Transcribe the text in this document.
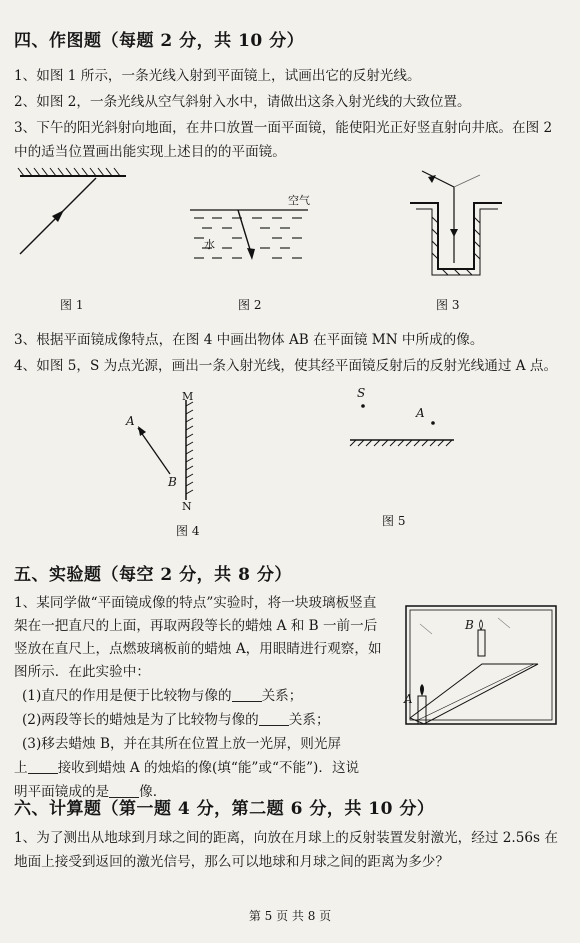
四、作图题（每题 2 分，共 10 分）
1、如图 1 所示，一条光线入射到平面镜上，试画出它的反射光线。
2、如图 2，一条光线从空气斜射入水中，请做出这条入射光线的大致位置。
3、下午的阳光斜射向地面，在井口放置一面平面镜，能使阳光正好竖直射向井底。在图 2 中的适当位置画出能实现上述目的的平面镜。
图 1
空气
水
图 2	图 3
3、根据平面镜成像特点，在图 4 中画出物体 AB 在平面镜 MN 中所成的像。
4、如图 5，S 为点光源，画出一条入射光线，使其经平面镜反射后的反射光线通过 A 点。
A
B
M
N
图 4
S
A
图 5
五、实验题（每空 2 分，共 8 分）
1、某同学做“平面镜成像的特点”实验时，将一块玻璃板竖直架在一把直尺的上面，再取两段等长的蜡烛 A 和 B 一前一后竖放在直尺上，点燃玻璃板前的蜡烛 A，用眼睛进行观察，如图所示．在此实验中：
(1)直尺的作用是便于比较物与像的 关系；
(2)两段等长的蜡烛是为了比较物与像的 关系；
(3)移去蜡烛 B，并在其所在位置上放一光屏，则光屏
上 接收到蜡烛 A 的烛焰的像(填“能”或“不能”)．这说
明平面镜成的是 像.
B
A
六、计算题（第一题 4 分，第二题 6 分，共 10 分）
1、为了测出从地球到月球之间的距离，向放在月球上的反射装置发射激光，经过 2.56s 在地面上接受到返回的激光信号，那么可以地球和月球之间的距离为多少？
第 5 页 共 8 页
